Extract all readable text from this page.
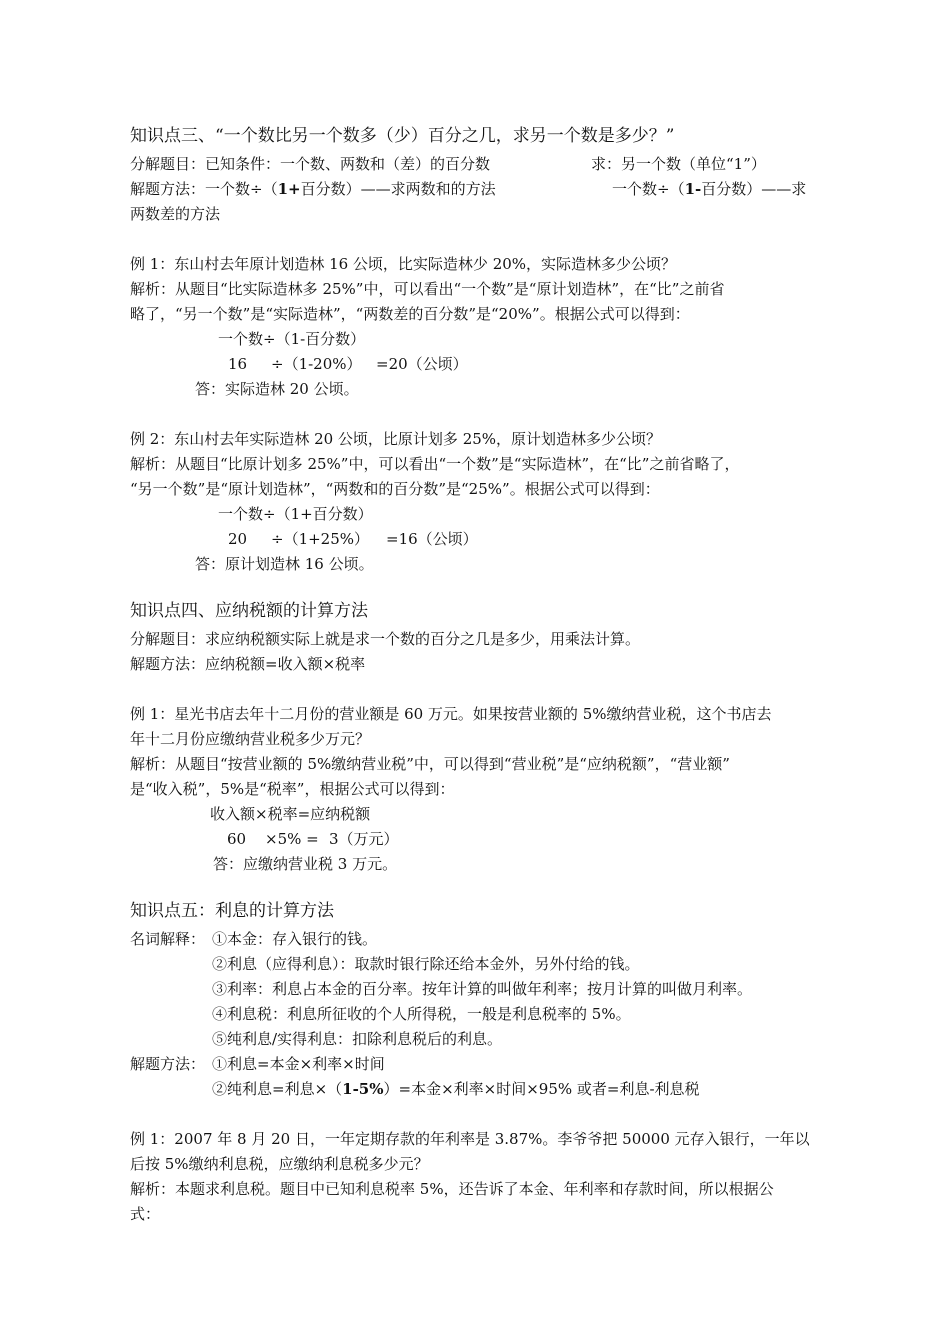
知识点三、“一个数比另一个数多（少）百分之几，求另一个数是多少？”
分解题目：已知条件：一个数、两数和（差）的百分数	求：另一个数（单位“1”）
解题方法：一个数÷（1+百分数）——求两数和的方法	一个数÷（1-百分数）——求
两数差的方法
例 1：东山村去年原计划造林 16 公顷，比实际造林少 20%，实际造林多少公顷？
解析：从题目“比实际造林多 25%”中，可以看出“一个数”是“原计划造林”，在“比”之前省
略了，“另一个数”是“实际造林”，“两数差的百分数”是“20%”。根据公式可以得到：
一个数÷（1-百分数）
16 ÷（1-20%） =20（公顷）
答：实际造林 20 公顷。
例 2：东山村去年实际造林 20 公顷，比原计划多 25%，原计划造林多少公顷？
解析：从题目“比原计划多 25%”中，可以看出“一个数”是“实际造林”，在“比”之前省略了，
“另一个数”是“原计划造林”，“两数和的百分数”是“25%”。根据公式可以得到：
一个数÷（1+百分数）
20 ÷（1+25%） =16（公顷）
答：原计划造林 16 公顷。
知识点四、应纳税额的计算方法
分解题目：求应纳税额实际上就是求一个数的百分之几是多少，用乘法计算。
解题方法：应纳税额=收入额×税率
例 1：星光书店去年十二月份的营业额是 60 万元。如果按营业额的 5%缴纳营业税，这个书店去
年十二月份应缴纳营业税多少万元？
解析：从题目“按营业额的 5%缴纳营业税”中，可以得到“营业税”是“应纳税额”，“营业额”
是“收入税”，5%是“税率”，根据公式可以得到：
收入额×税率=应纳税额
60 ×5% = 3（万元）
答：应缴纳营业税 3 万元。
知识点五：利息的计算方法
名词解释： ①本金：存入银行的钱。
②利息（应得利息）：取款时银行除还给本金外，另外付给的钱。
③利率：利息占本金的百分率。按年计算的叫做年利率；按月计算的叫做月利率。
④利息税：利息所征收的个人所得税，一般是利息税率的 5%。
⑤纯利息/实得利息：扣除利息税后的利息。
解题方法： ①利息=本金×利率×时间
②纯利息=利息×（1-5%）=本金×利率×时间×95% 或者=利息-利息税
例 1：2007 年 8 月 20 日，一年定期存款的年利率是 3.87%。李爷爷把 50000 元存入银行，一年以
后按 5%缴纳利息税，应缴纳利息税多少元？
解析：本题求利息税。题目中已知利息税率 5%，还告诉了本金、年利率和存款时间，所以根据公
式：
